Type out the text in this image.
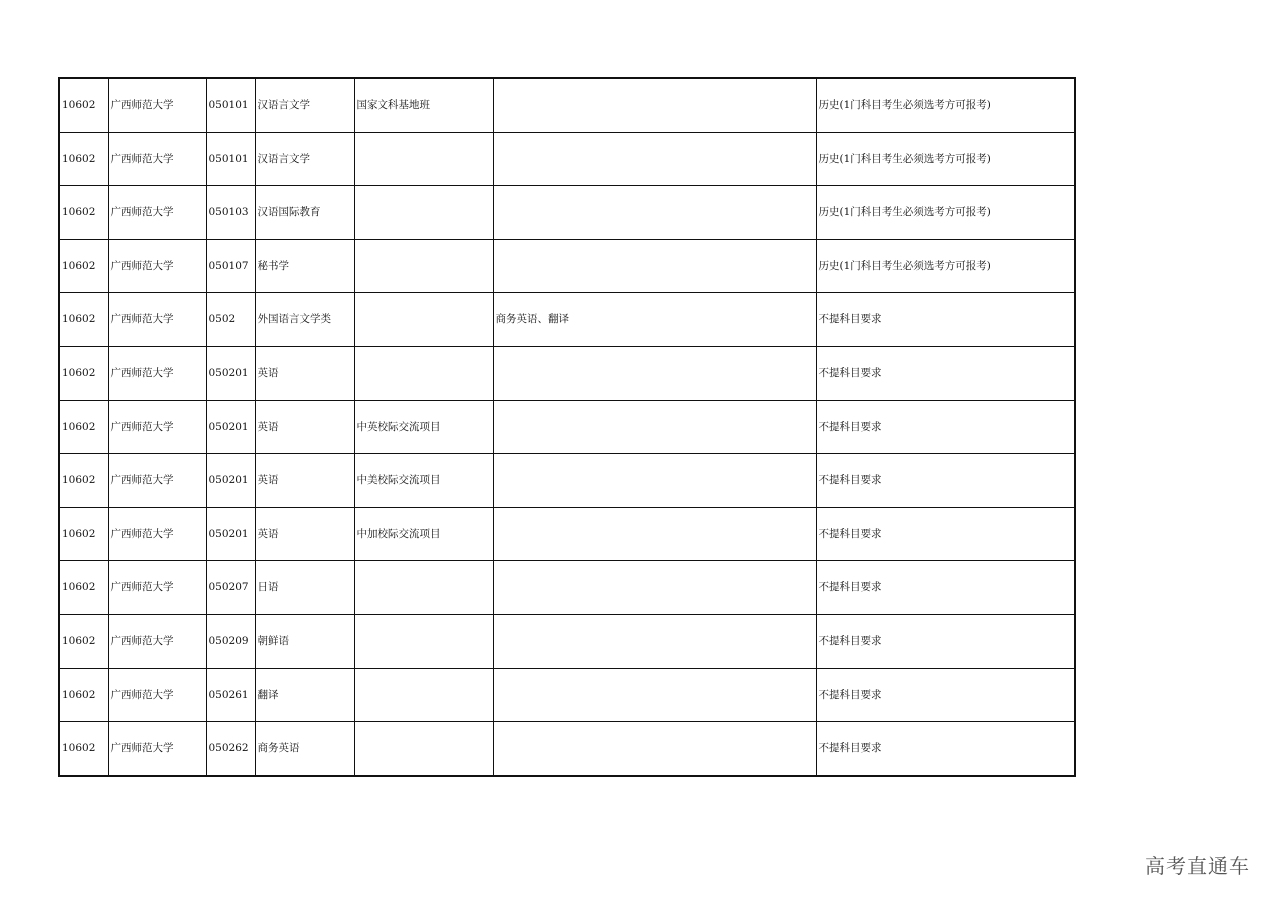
10602	广西师范大学	050101	汉语言文学	国家文科基地班		历史(1门科目考生必须选考方可报考)
10602	广西师范大学	050101	汉语言文学			历史(1门科目考生必须选考方可报考)
10602	广西师范大学	050103	汉语国际教育			历史(1门科目考生必须选考方可报考)
10602	广西师范大学	050107	秘书学			历史(1门科目考生必须选考方可报考)
10602	广西师范大学	0502	外国语言文学类		商务英语、翻译	不提科目要求
10602	广西师范大学	050201	英语			不提科目要求
10602	广西师范大学	050201	英语	中英校际交流项目		不提科目要求
10602	广西师范大学	050201	英语	中美校际交流项目		不提科目要求
10602	广西师范大学	050201	英语	中加校际交流项目		不提科目要求
10602	广西师范大学	050207	日语			不提科目要求
10602	广西师范大学	050209	朝鲜语			不提科目要求
10602	广西师范大学	050261	翻译			不提科目要求
10602	广西师范大学	050262	商务英语			不提科目要求
高考直通车
